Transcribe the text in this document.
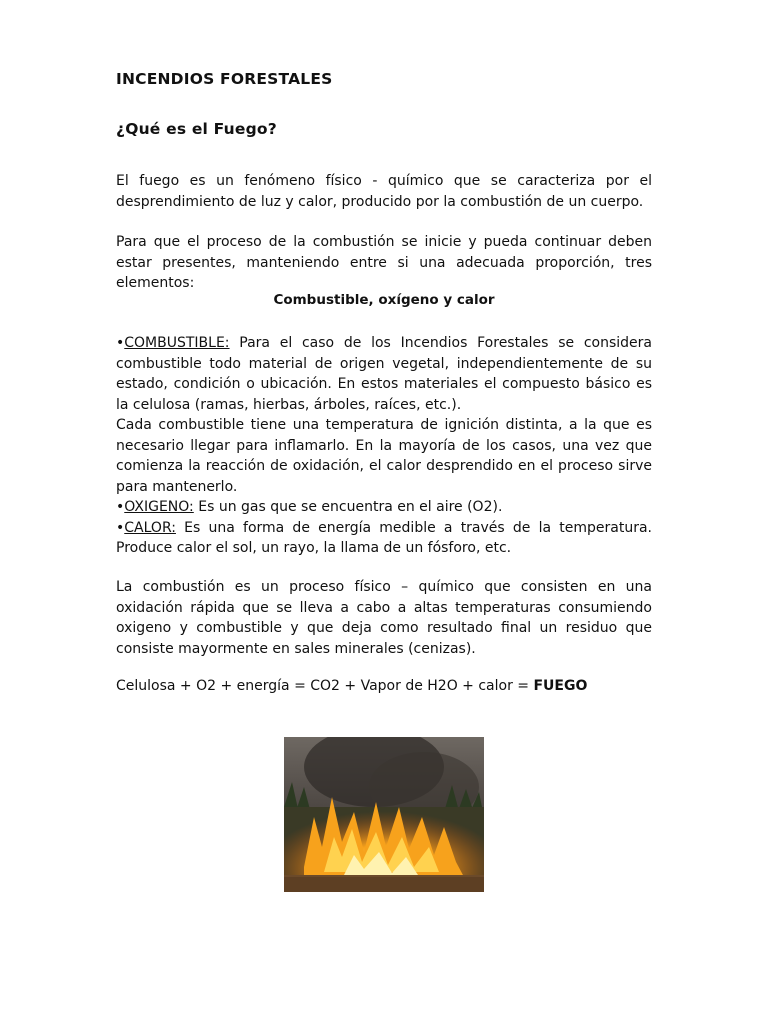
INCENDIOS FORESTALES
¿Qué es el Fuego?

El fuego es un fenómeno físico - químico que se caracteriza por el desprendimiento de luz y calor, producido por la combustión de un cuerpo.

Para que el proceso de la combustión se inicie y pueda continuar deben estar presentes, manteniendo entre si una adecuada proporción, tres elementos:

Combustible, oxígeno y calor
•COMBUSTIBLE: Para el caso de los Incendios Forestales se considera combustible todo material de origen vegetal, independientemente de su estado, condición o ubicación. En estos materiales el compuesto básico es la celulosa (ramas, hierbas, árboles, raíces, etc.).
Cada combustible tiene una temperatura de ignición distinta, a la que es necesario llegar para inflamarlo. En la mayoría de los casos, una vez que comienza la reacción de oxidación, el calor desprendido en el proceso sirve para mantenerlo.
•OXIGENO: Es un gas que se encuentra en el aire (O2).
•CALOR: Es una forma de energía medible a través de la temperatura. Produce calor el sol, un rayo, la llama de un fósforo, etc.

La combustión es un proceso físico – químico que consisten en una oxidación rápida que se lleva a cabo a altas temperaturas consumiendo oxigeno y combustible y que deja como resultado final un residuo que consiste mayormente en sales minerales (cenizas).

Celulosa + O2 + energía = CO2 + Vapor de H2O + calor = FUEGO
